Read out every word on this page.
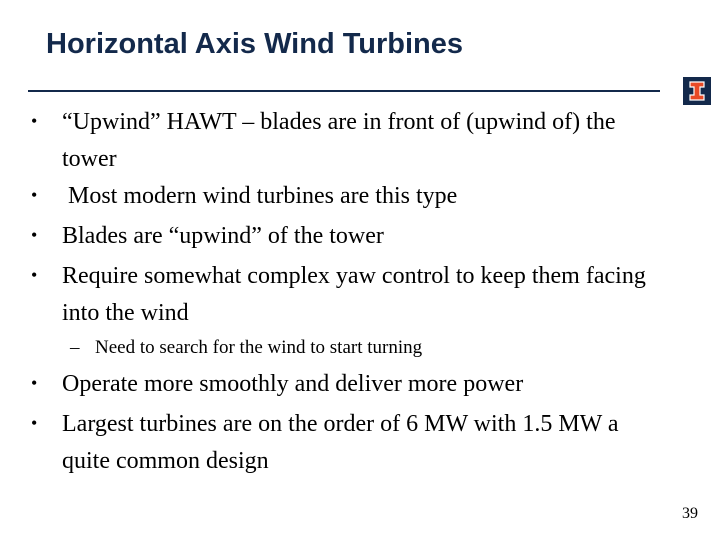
Horizontal Axis Wind Turbines
• “Upwind” HAWT – blades are in front of (upwind of) the tower
• Most modern wind turbines are this type
• Blades are “upwind” of the tower
• Require somewhat complex yaw control to keep them facing into the wind
– Need to search for the wind to start turning
• Operate more smoothly and deliver more power
• Largest turbines are on the order of 6 MW with 1.5 MW a quite common design
39
